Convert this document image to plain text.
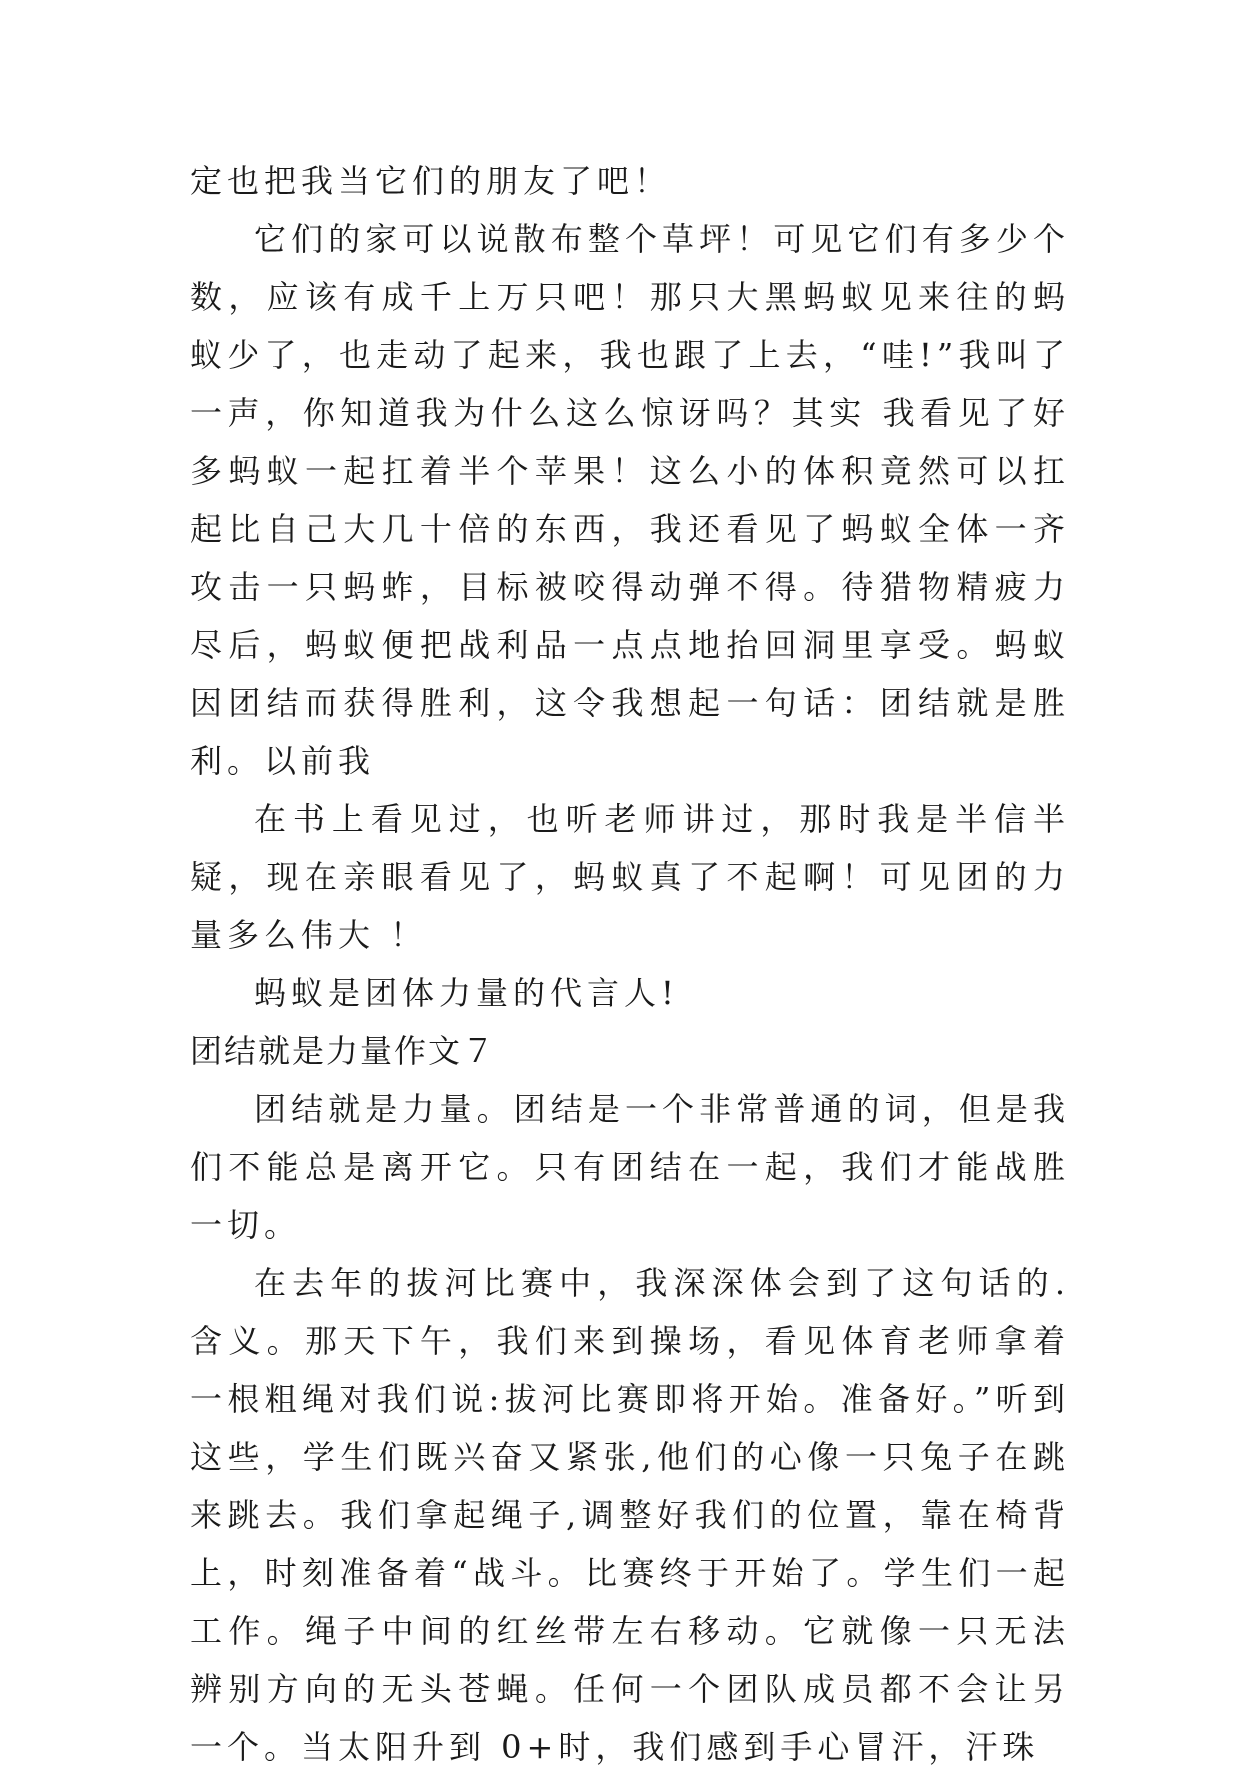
定也把我当它们的朋友了吧！

它们的家可以说散布整个草坪！可见它们有多少个数，应该有成千上万只吧！那只大黑蚂蚁见来往的蚂蚁少了，也走动了起来，我也跟了上去，“哇!”我叫了一声，你知道我为什么这么惊讶吗？其实 我看见了好多蚂蚁一起扛着半个苹果！这么小的体积竟然可以扛起比自己大几十倍的东西，我还看见了蚂蚁全体一齐攻击一只蚂蚱，目标被咬得动弹不得。待猎物精疲力尽后，蚂蚁便把战利品一点点地抬回洞里享受。蚂蚁因团结而获得胜利，这令我想起一句话：团结就是胜利。以前我

在书上看见过，也听老师讲过，那时我是半信半疑，现在亲眼看见了，蚂蚁真了不起啊！可见团的力量多么伟大 ！

蚂蚁是团体力量的代言人!

团结就是力量作文７

团结就是力量。团结是一个非常普通的词，但是我们不能总是离开它。只有团结在一起，我们才能战胜一切。

在去年的拔河比赛中，我深深体会到了这句话的.含义。那天下午，我们来到操场，看见体育老师拿着一根粗绳对我们说:拔河比赛即将开始。准备好。”听到这些，学生们既兴奋又紧张,他们的心像一只兔子在跳来跳去。我们拿起绳子,调整好我们的位置，靠在椅背上，时刻准备着“战斗。比赛终于开始了。学生们一起工作。绳子中间的红丝带左右移动。它就像一只无法辨别方向的无头苍蝇。任何一个团队成员都不会让另一个。当太阳升到 0+时，我们感到手心冒汗，汗珠
